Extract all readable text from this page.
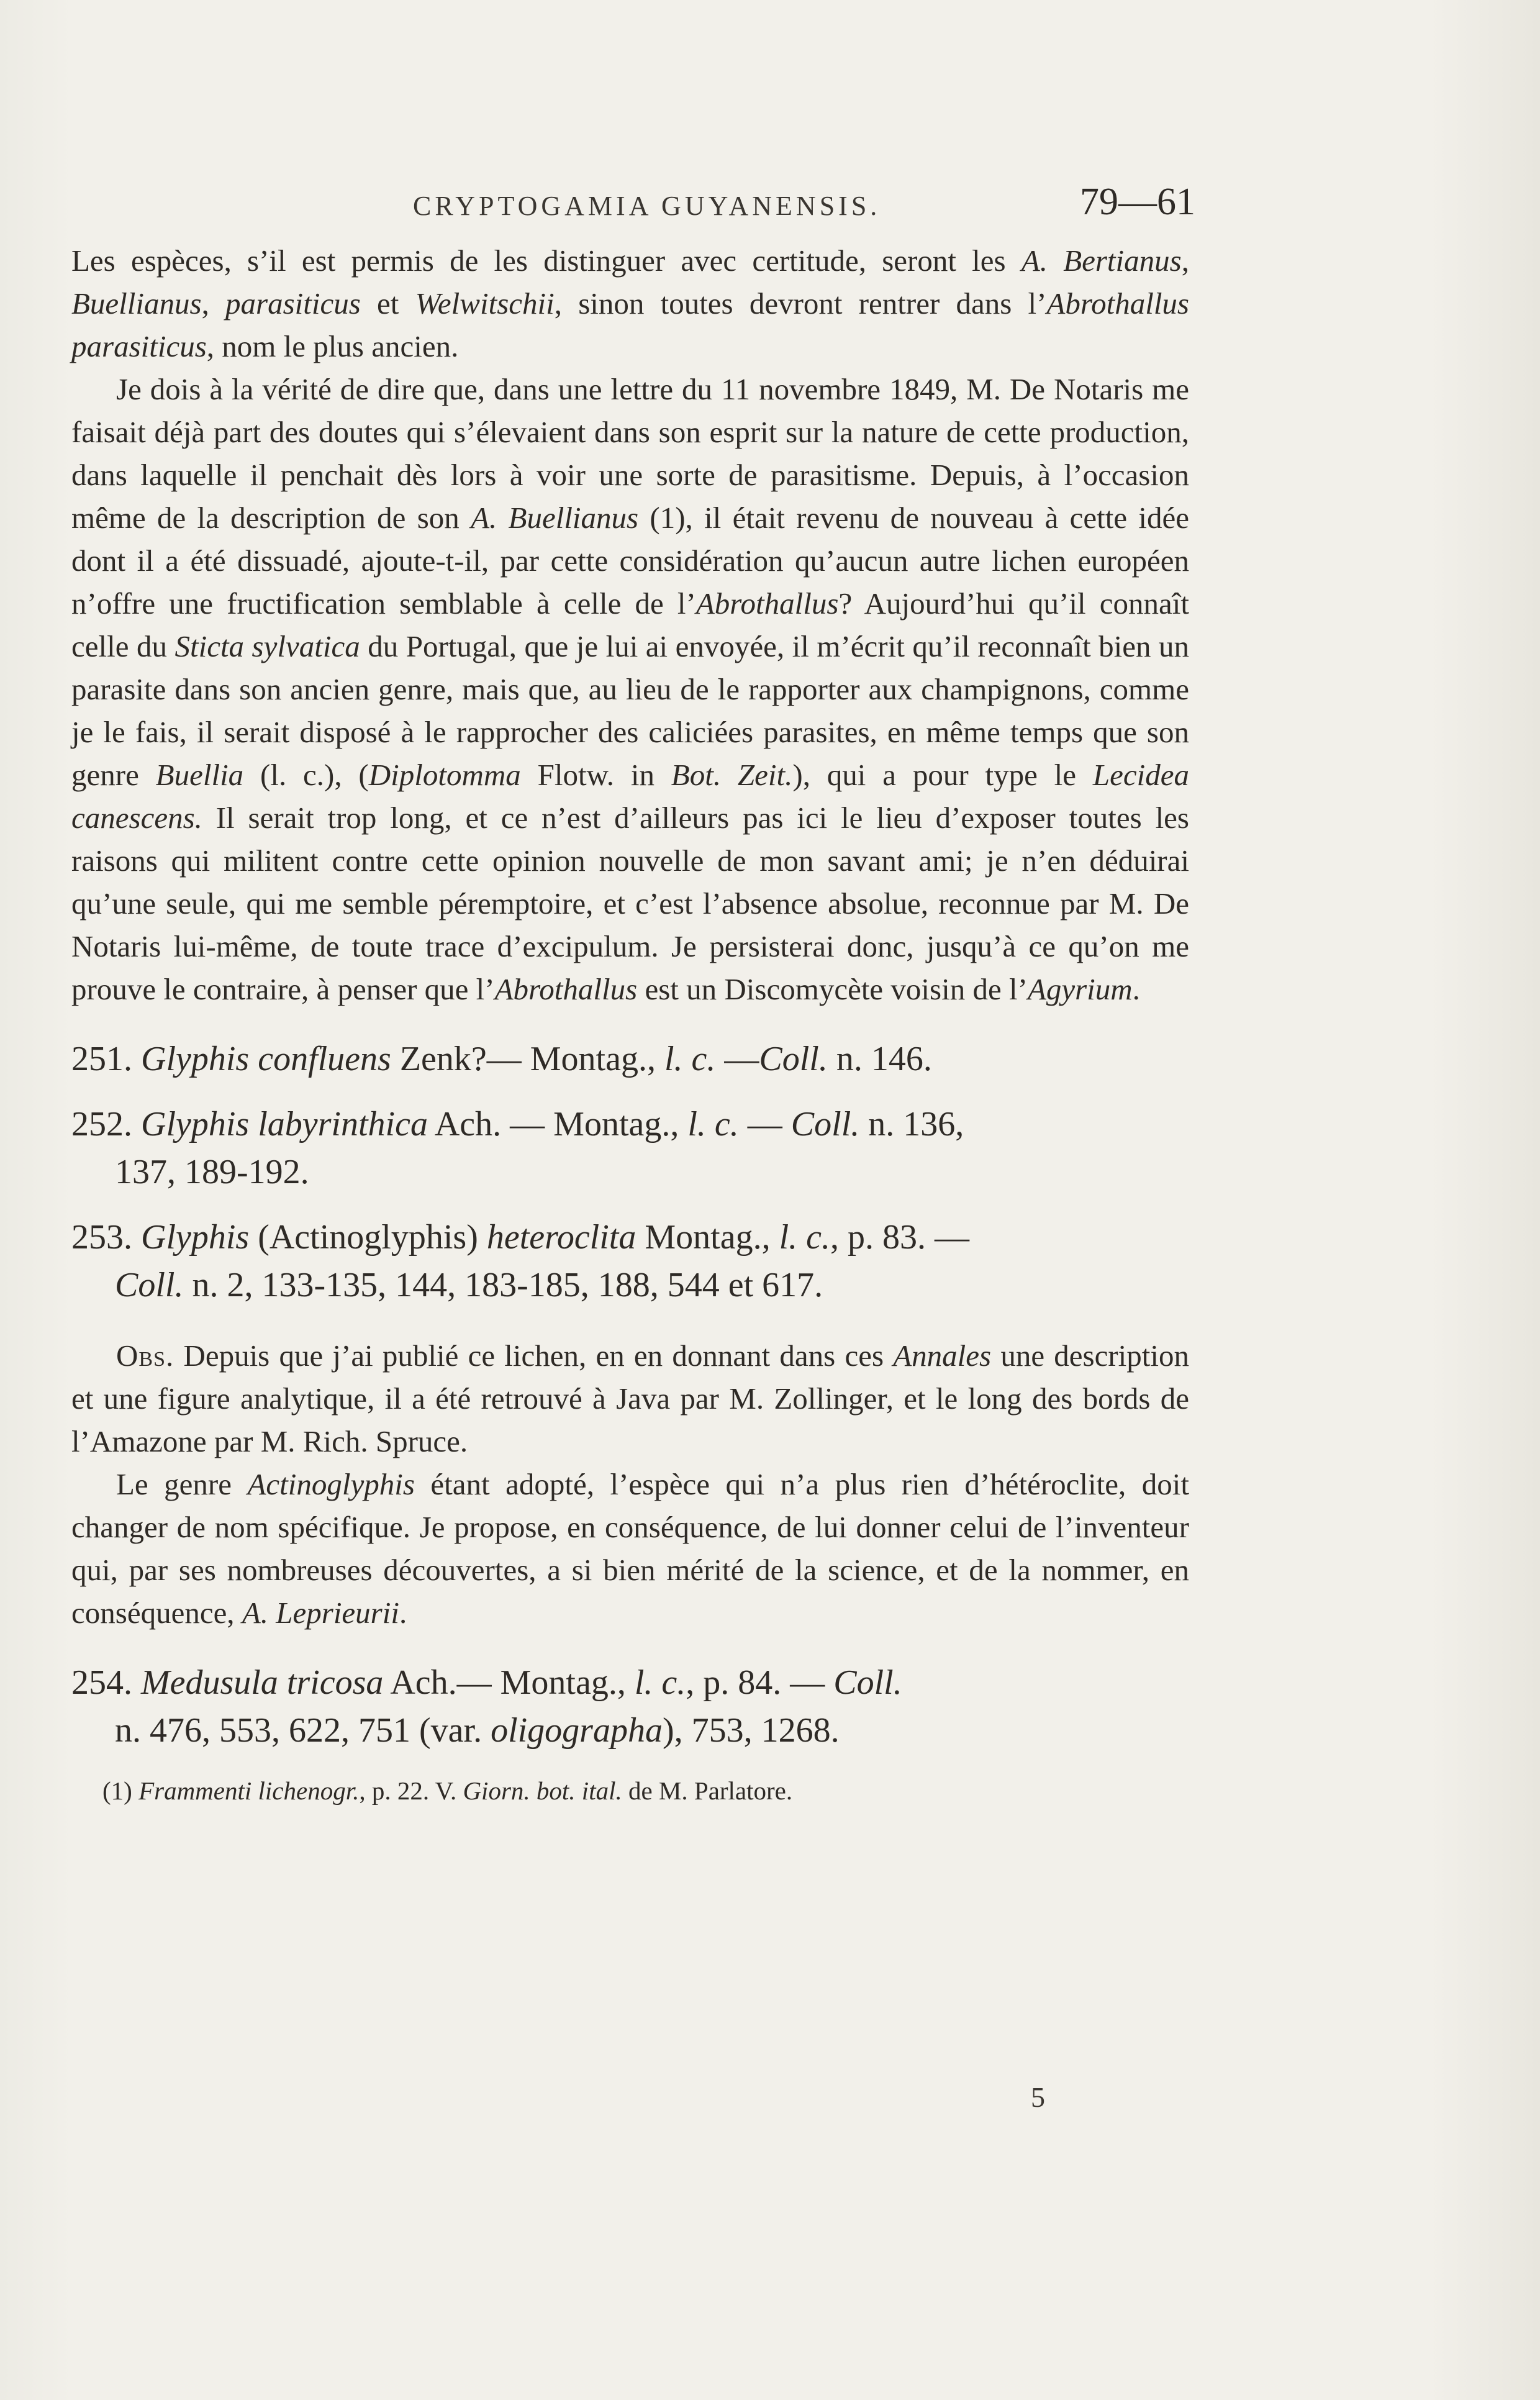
CRYPTOGAMIA GUYANENSIS.	79—61

Les espèces, s’il est permis de les distinguer avec certitude, seront les A. Bertianus, Buellianus, parasiticus et Welwitschii, sinon toutes devront rentrer dans l’Abrothallus parasiticus, nom le plus ancien.

Je dois à la vérité de dire que, dans une lettre du 11 novembre 1849, M. De Notaris me faisait déjà part des doutes qui s’élevaient dans son esprit sur la nature de cette production, dans laquelle il penchait dès lors à voir une sorte de parasitisme. Depuis, à l’occasion même de la description de son A. Buellianus (1), il était revenu de nouveau à cette idée dont il a été dissuadé, ajoute-t-il, par cette considération qu’aucun autre lichen européen n’offre une fructification semblable à celle de l’Abrothallus? Aujourd’hui qu’il connaît celle du Sticta sylvatica du Portugal, que je lui ai envoyée, il m’écrit qu’il reconnaît bien un parasite dans son ancien genre, mais que, au lieu de le rapporter aux champignons, comme je le fais, il serait disposé à le rapprocher des caliciées parasites, en même temps que son genre Buellia (l. c.), (Diplotomma Flotw. in Bot. Zeit.), qui a pour type le Lecidea canescens. Il serait trop long, et ce n’est d’ailleurs pas ici le lieu d’exposer toutes les raisons qui militent contre cette opinion nouvelle de mon savant ami; je n’en déduirai qu’une seule, qui me semble péremptoire, et c’est l’absence absolue, reconnue par M. De Notaris lui-même, de toute trace d’excipulum. Je persisterai donc, jusqu’à ce qu’on me prouve le contraire, à penser que l’Abrothallus est un Discomycète voisin de l’Agyrium.

251. Glyphis confluens Zenk?— Montag., l. c. —Coll. n. 146.

252. Glyphis labyrinthica Ach. — Montag., l. c. — Coll. n. 136,
137, 189-192.

253. Glyphis (Actinoglyphis) heteroclita Montag., l. c., p. 83. —
Coll. n. 2, 133-135, 144, 183-185, 188, 544 et 617.

Obs. Depuis que j’ai publié ce lichen, en en donnant dans ces Annales une description et une figure analytique, il a été retrouvé à Java par M. Zollinger, et le long des bords de l’Amazone par M. Rich. Spruce.

Le genre Actinoglyphis étant adopté, l’espèce qui n’a plus rien d’hétéroclite, doit changer de nom spécifique. Je propose, en conséquence, de lui donner celui de l’inventeur qui, par ses nombreuses découvertes, a si bien mérité de la science, et de la nommer, en conséquence, A. Leprieurii.

254. Medusula tricosa Ach.— Montag., l. c., p. 84. — Coll.
n. 476, 553, 622, 751 (var. oligographa), 753, 1268.

(1) Frammenti lichenogr., p. 22. V. Giorn. bot. ital. de M. Parlatore.

5
